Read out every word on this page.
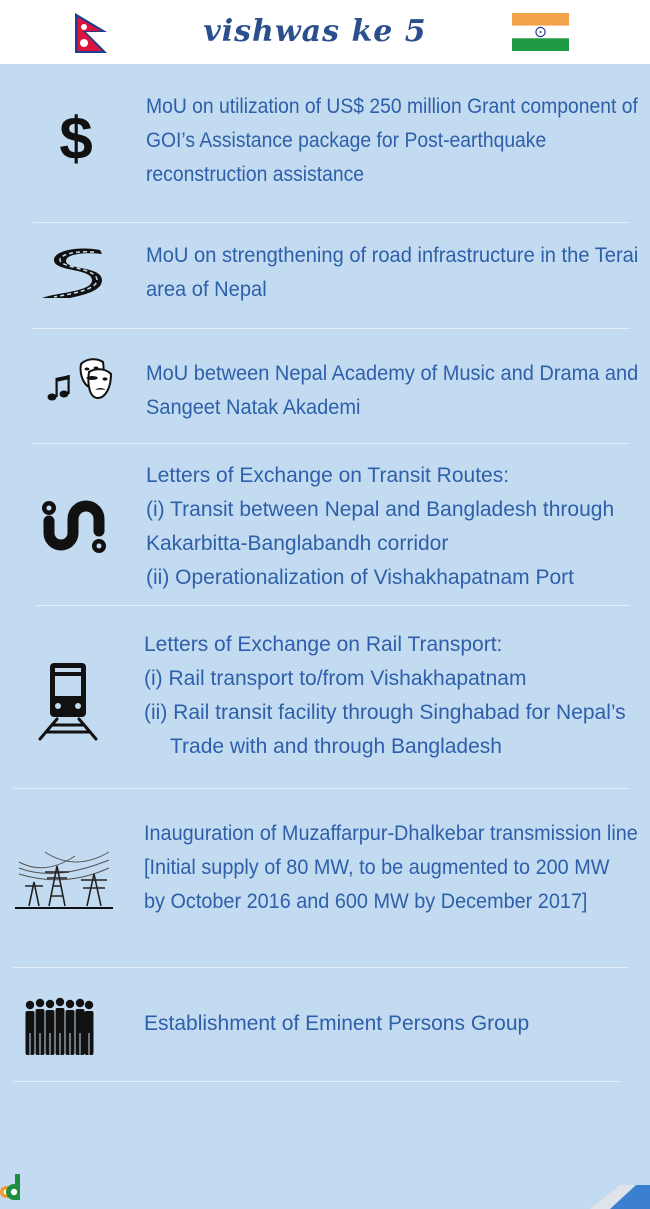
vishwas ke 5
$	MoU on utilization of US$ 250 million Grant component of
GOI’s Assistance package for Post-earthquake
reconstruction assistance
MoU on strengthening of road infrastructure in the Terai
area of Nepal
MoU between Nepal Academy of Music and Drama and
Sangeet Natak Akademi
Letters of Exchange on Transit Routes:
(i) Transit between Nepal and Bangladesh through
Kakarbitta-Banglabandh corridor
(ii) Operationalization of Vishakhapatnam Port
Letters of Exchange on Rail Transport:
(i) Rail transport to/from Vishakhapatnam
(ii) Rail transit facility through Singhabad for Nepal’s
Trade with and through Bangladesh
Inauguration of Muzaffarpur-Dhalkebar transmission line
[Initial supply of 80 MW, to be augmented to 200 MW
by October 2016 and 600 MW by December 2017]
Establishment of Eminent Persons Group
